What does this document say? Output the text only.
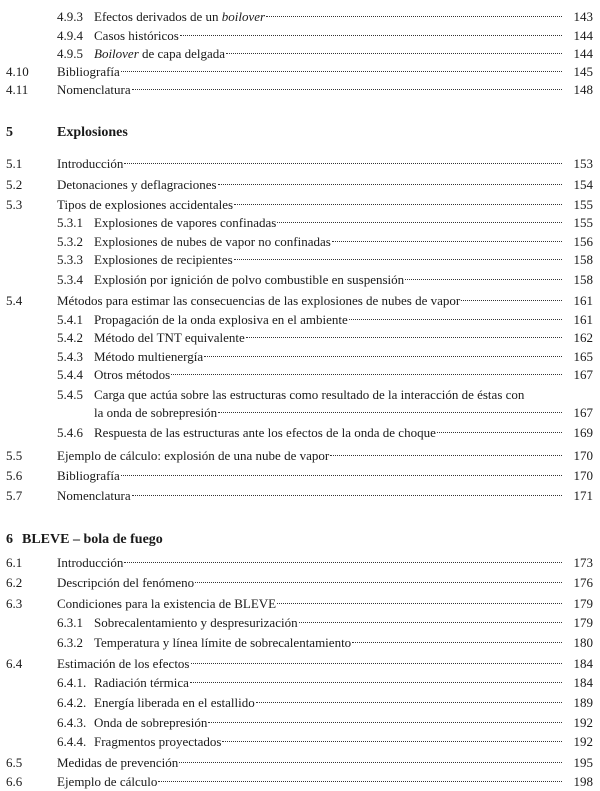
4.9.3 Efectos derivados de un boilover	143
4.9.4 Casos históricos	144
4.9.5 Boilover de capa delgada	144
4.10 Bibliografía	145
4.11 Nomenclatura	148
5	Explosiones
5.1	Introducción	153
5.2	Detonaciones y deflagraciones	154
5.3	Tipos de explosiones accidentales	155
5.3.1 Explosiones de vapores confinadas	155
5.3.2 Explosiones de nubes de vapor no confinadas	156
5.3.3 Explosiones de recipientes	158
5.3.4 Explosión por ignición de polvo combustible en suspensión	158
5.4	Métodos para estimar las consecuencias de las explosiones de nubes de vapor	161
5.4.1 Propagación de la onda explosiva en el ambiente	161
5.4.2 Método del TNT equivalente	162
5.4.3 Método multienergía	165
5.4.4 Otros métodos	167
5.4.5 Carga que actúa sobre las estructuras como resultado de la interacción de éstas con
la onda de sobrepresión	167
5.4.6 Respuesta de las estructuras ante los efectos de la onda de choque	169
5.5	Ejemplo de cálculo: explosión de una nube de vapor	170
5.6	Bibliografía	170
5.7	Nomenclatura	171
6 BLEVE – bola de fuego
6.1	Introducción	173
6.2	Descripción del fenómeno	176
6.3	Condiciones para la existencia de BLEVE	179
6.3.1 Sobrecalentamiento y despresurización	179
6.3.2 Temperatura y línea límite de sobrecalentamiento	180
6.4	Estimación de los efectos	184
6.4.1. Radiación térmica	184
6.4.2. Energía liberada en el estallido	189
6.4.3. Onda de sobrepresión	192
6.4.4. Fragmentos proyectados	192
6.5	Medidas de prevención	195
6.6	Ejemplo de cálculo	198
